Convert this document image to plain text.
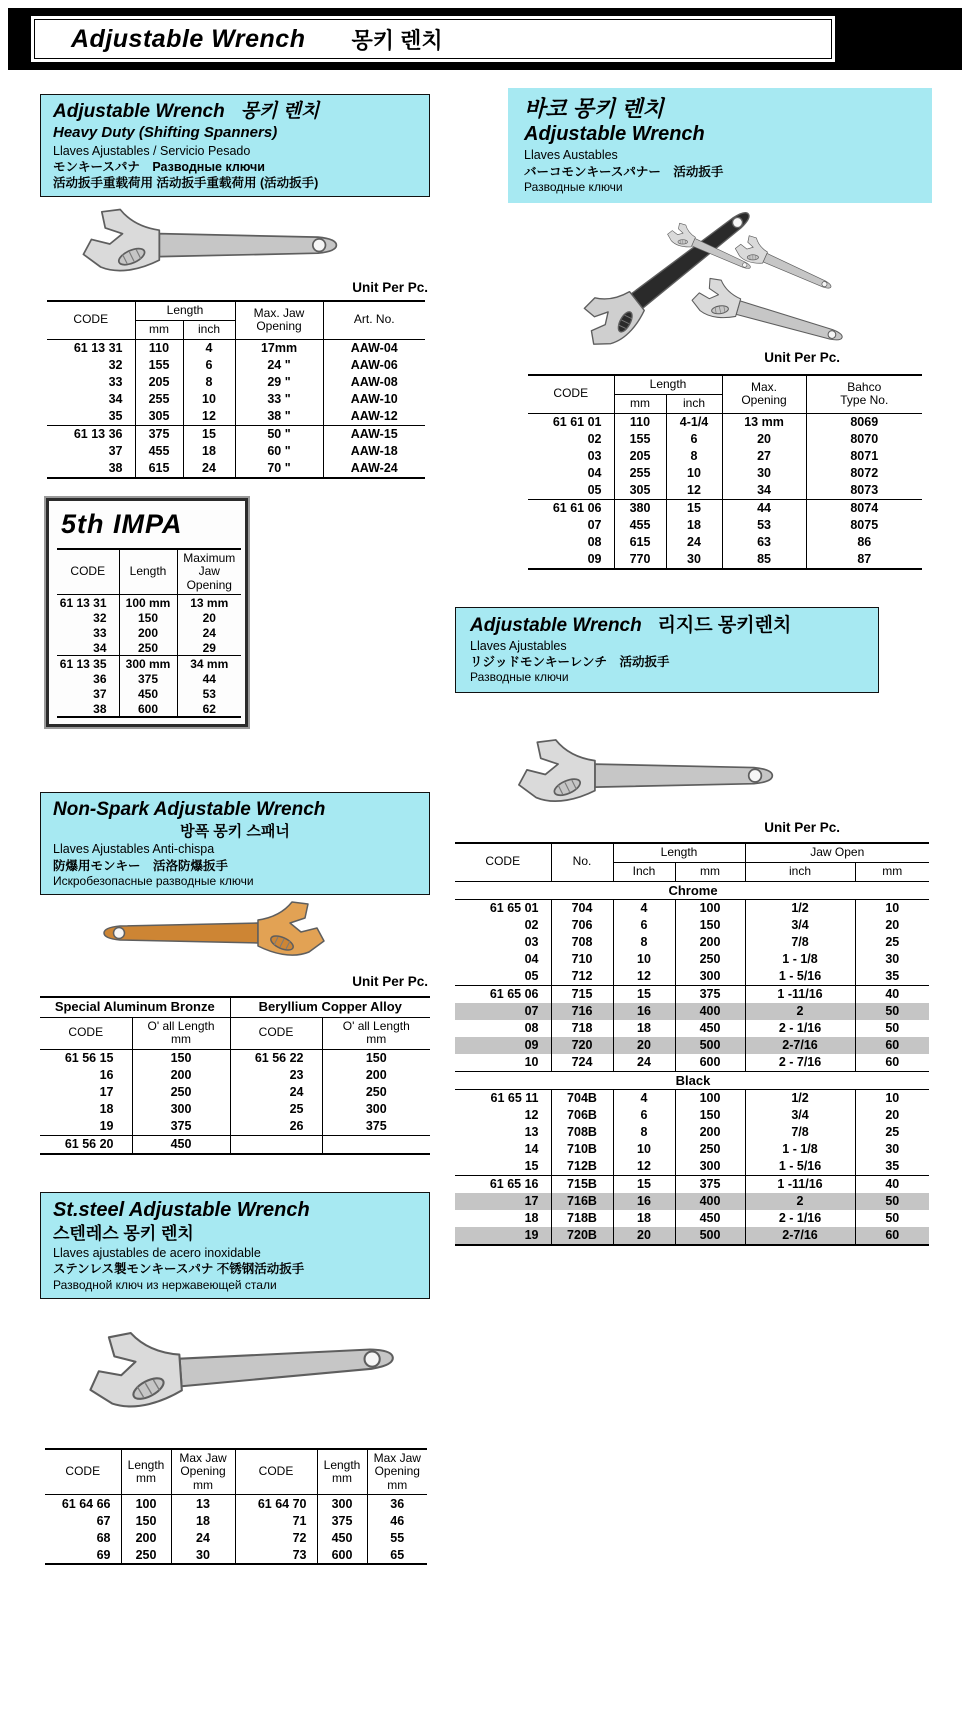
Adjustable Wrench 몽키 렌치
Adjustable Wrench 몽키 렌치
Heavy Duty (Shifting Spanners)
Llaves Ajustables / Servicio Pesado
モンキースパナ　Разводные ключи
活动扳手重载荷用 活动扳手重载荷用 (活动扳手)
Unit Per Pc.
CODE	Length		Max. Jaw
Opening	Art. No.
	mm	inch		
61 13 31	110	4	17mm	AAW-04
32	155	6	24 "	AAW-06
33	205	8	29 "	AAW-08
34	255	10	33 "	AAW-10
35	305	12	38 "	AAW-12
61 13 36	375	15	50 "	AAW-15
37	455	18	60 "	AAW-18
38	615	24	70 "	AAW-24
5th IMPA
CODE	Length	Maximum
Jaw
Opening

61 13 31	100 mm	13 mm
32	150	20
33	200	24
34	250	29
61 13 35	300 mm	34 mm
36	375	44
37	450	53
38	600	62
Non-Spark Adjustable Wrench
방폭 몽키 스패너
Llaves Ajustables Anti-chispa
防爆用モンキー　活洛防爆扳手
Искробезопасные разводные ключи
Unit Per Pc.
Special Aluminum Bronze		Beryllium Copper Alloy	
CODE	O' all Length
mm	CODE	O' all Length
mm

61 56 15	150	61 56 22	150
16	200	23	200
17	250	24	250
18	300	25	300
19	375	26	375
61 56 20	450		
St.steel Adjustable Wrench
스텐레스 몽키 렌치
Llaves ajustables de acero inoxidable
ステンレス製モンキースパナ 不锈钢活动扳手
Разводной ключ из нержавеющей стали
CODE	Length
mm	Max Jaw
Opening
mm	CODE	Length
mm	Max Jaw
Opening
mm

61 64 66	100	13	61 64 70	300	36
67	150	18	71	375	46
68	200	24	72	450	55
69	250	30	73	600	65
바코 몽키 렌치
Adjustable Wrench
Llaves Austables
バーコモンキースパナー　活动扳手
Разводные ключи
Unit Per Pc.
CODE	Length		Max.
Opening	Bahco
Type No.

	mm	inch		
61 61 01	110	4-1/4	13 mm	8069
02	155	6	20	8070
03	205	8	27	8071
04	255	10	30	8072
05	305	12	34	8073
61 61 06	380	15	44	8074
07	455	18	53	8075
08	615	24	63	86
09	770	30	85	87
Adjustable Wrench 리지드 몽키렌치
Llaves Ajustables
リジッドモンキーレンチ　活动扳手
Разводные ключи
Unit Per Pc.
CODE	No.	Length		Jaw Open	
		Inch	mm	inch	mm
Chrome					
61 65 01	704	4	100	1/2	10
02	706	6	150	3/4	20
03	708	8	200	7/8	25
04	710	10	250	1 - 1/8	30
05	712	12	300	1 - 5/16	35
61 65 06	715	15	375	1 -11/16	40
07	716	16	400	2	50
08	718	18	450	2 - 1/16	50
09	720	20	500	2-7/16	60
10	724	24	600	2 - 7/16	60
Black					
61 65 11	704B	4	100	1/2	10
12	706B	6	150	3/4	20
13	708B	8	200	7/8	25
14	710B	10	250	1 - 1/8	30
15	712B	12	300	1 - 5/16	35
61 65 16	715B	15	375	1 -11/16	40
17	716B	16	400	2	50
18	718B	18	450	2 - 1/16	50
19	720B	20	500	2-7/16	60
